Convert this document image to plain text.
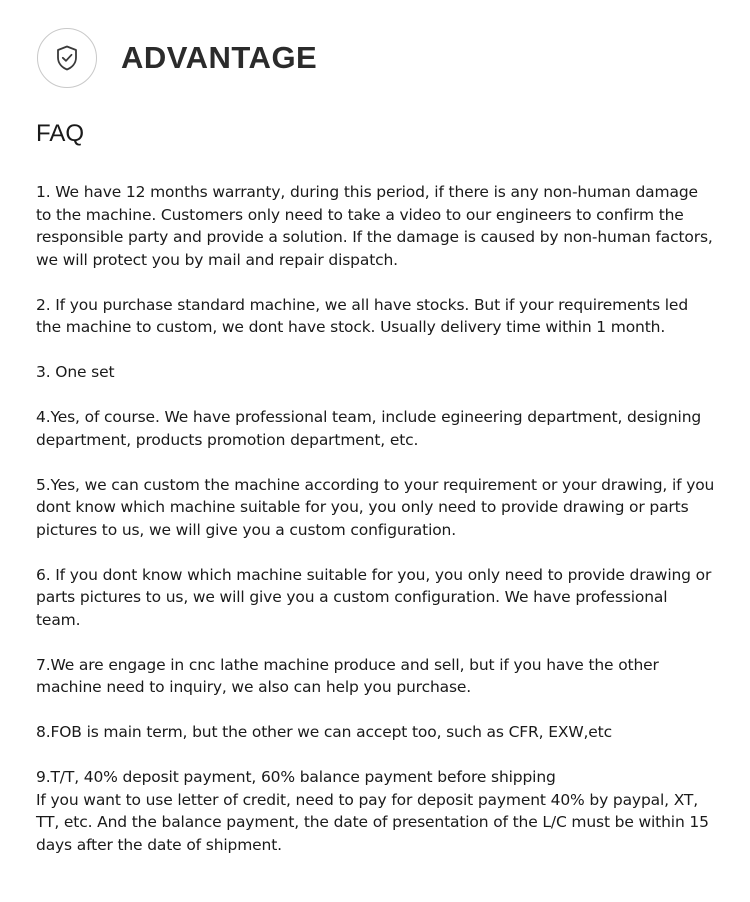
ADVANTAGE
FAQ

1. We have 12 months warranty, during this period, if there is any non-human damage to the machine. Customers only need to take a video to our engineers to confirm the responsible party and provide a solution. If the damage is caused by non-human factors, we will protect you by mail and repair dispatch.

2. If you purchase standard machine, we all have stocks. But if your requirements led the machine to custom, we dont have stock. Usually delivery time within 1 month.

3. One set

4.Yes, of course. We have professional team, include egineering department, designing department, products promotion department, etc.

5.Yes, we can custom the machine according to your requirement or your drawing, if you dont know which machine suitable for you, you only need to provide drawing or parts pictures to us, we will give you a custom configuration.

6. If you dont know which machine suitable for you, you only need to provide drawing or parts pictures to us, we will give you a custom configuration. We have professional team.

7.We are engage in cnc lathe machine produce and sell, but if you have the other machine need to inquiry, we also can help you purchase.

8.FOB is main term, but the other we can accept too, such as CFR, EXW,etc

9.T/T, 40% deposit payment, 60% balance payment before shipping

If you want to use letter of credit, need to pay for deposit payment 40% by paypal, XT, TT, etc. And the balance payment, the date of presentation of the L/C must be within 15 days after the date of shipment.
